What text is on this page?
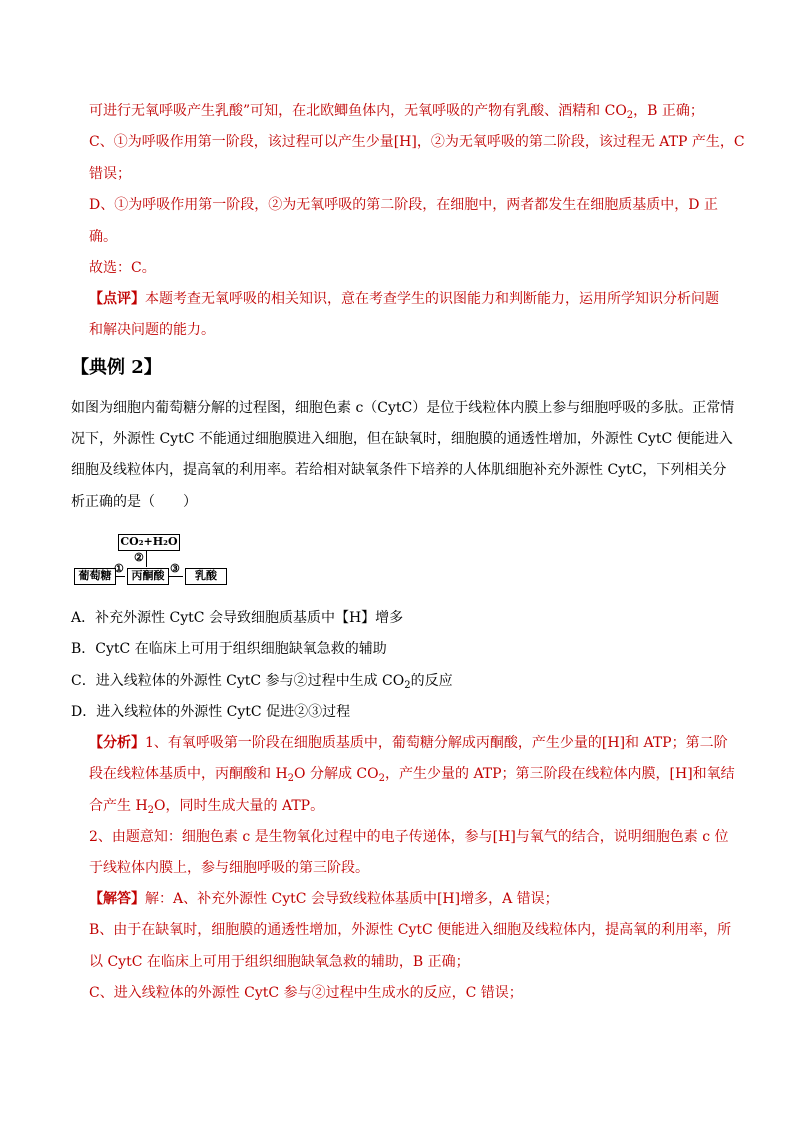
可进行无氧呼吸产生乳酸”可知，在北欧鲫鱼体内，无氧呼吸的产物有乳酸、酒精和 $CO_2$，B 正确；
C、①为呼吸作用第一阶段，该过程可以产生少量[H]，②为无氧呼吸的第二阶段，该过程无 ATP 产生，C
错误；
D、①为呼吸作用第一阶段，②为无氧呼吸的第二阶段，在细胞中，两者都发生在细胞质基质中，D 正
确。
故选：C。
【点评】本题考查无氧呼吸的相关知识，意在考查学生的识图能力和判断能力，运用所学知识分析问题
和解决问题的能力。
【典例 2】
如图为细胞内葡萄糖分解的过程图，细胞色素 c（CytC）是位于线粒体内膜上参与细胞呼吸的多肽。正常情
况下，外源性 CytC 不能通过细胞膜进入细胞，但在缺氧时，细胞膜的通透性增加，外源性 CytC 便能进入
细胞及线粒体内，提高氧的利用率。若给相对缺氧条件下培养的人体肌细胞补充外源性 CytC，下列相关分
析正确的是（　　）
CO₂+H₂O
葡萄糖	丙酮酸	乳酸
①
②
③
A．补充外源性 CytC 会导致细胞质基质中【H】增多
B．CytC 在临床上可用于组织细胞缺氧急救的辅助
C．进入线粒体的外源性 CytC 参与②过程中生成 $CO_2$的反应
D．进入线粒体的外源性 CytC 促进②③过程
【分析】1、有氧呼吸第一阶段在细胞质基质中，葡萄糖分解成丙酮酸，产生少量的[H]和 ATP；第二阶
段在线粒体基质中，丙酮酸和 $H_2O$ 分解成 $CO_2$，产生少量的 ATP；第三阶段在线粒体内膜，[H]和氧结
合产生 $H_2O$，同时生成大量的 ATP。
2、由题意知：细胞色素 c 是生物氧化过程中的电子传递体，参与[H]与氧气的结合，说明细胞色素 c 位
于线粒体内膜上，参与细胞呼吸的第三阶段。
【解答】解：A、补充外源性 CytC 会导致线粒体基质中[H]增多，A 错误；
B、由于在缺氧时，细胞膜的通透性增加，外源性 CytC 便能进入细胞及线粒体内，提高氧的利用率，所
以 CytC 在临床上可用于组织细胞缺氧急救的辅助，B 正确；
C、进入线粒体的外源性 CytC 参与②过程中生成水的反应，C 错误；
